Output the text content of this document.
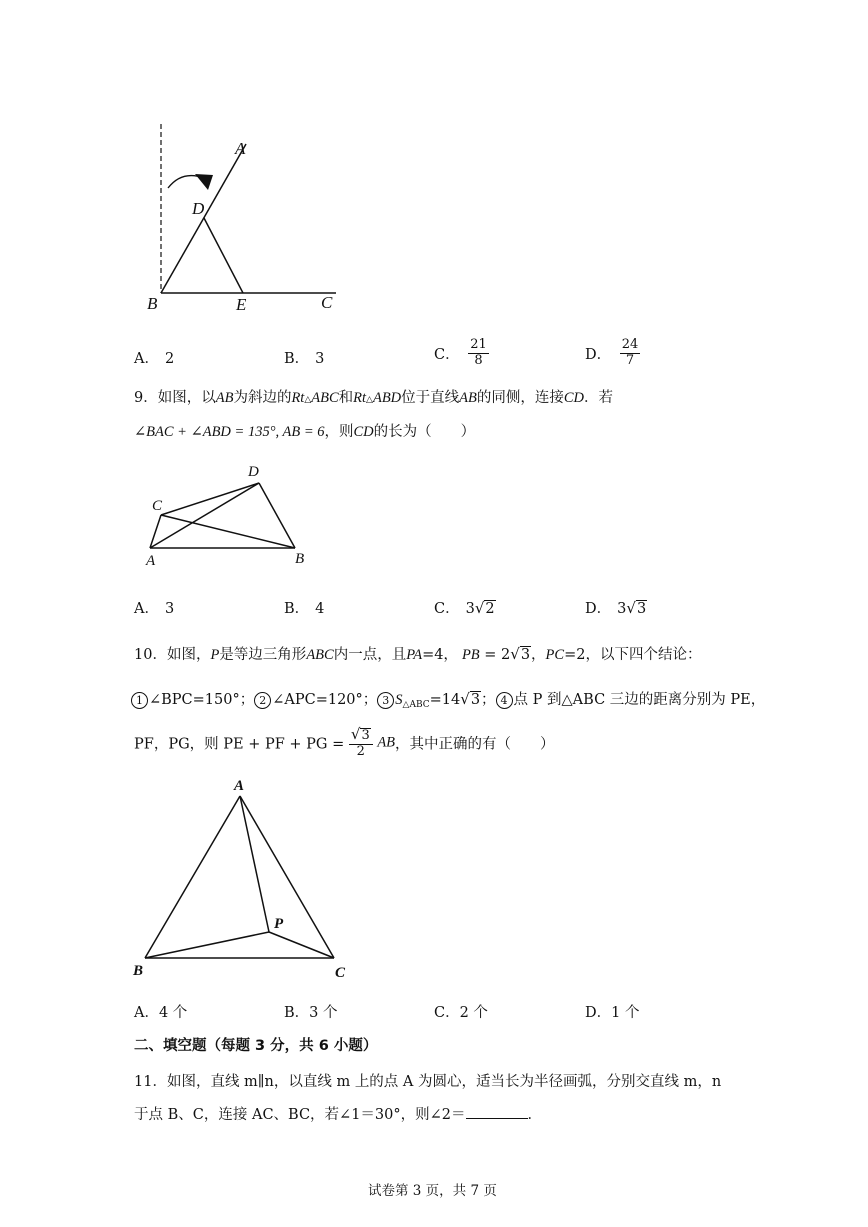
A
D
B	E	C
A． 2	B． 3	C． $\frac{21}{8}$	D． $\frac{24}{7}$
9．如图，以AB为斜边的Rt△ABC和Rt△ABD位于直线AB的同侧，连接CD．若
∠BAC + ∠ABD = 135°, AB = 6，则CD的长为（　　）
D
C
A	B
A． 3	B． 4	C． 3√2	D． 3√3
10．如图，P是等边三角形ABC内一点，且PA=4， PB = 2√3，PC=2，以下四个结论：
1 ∠BPC=150°； 2 ∠APC=120°； 3 $S_{\triangle ABC}=14√3$； 4 点 P 到△ABC 三边的距离分别为 PE，
PF，PG，则 PE + PF + PG = $\frac{√3}{2}$ AB，其中正确的有（　　）
A
P
B	C
A．4 个	B．3 个	C．2 个	D．1 个
二、填空题（每题 3 分，共 6 小题）
11．如图，直线 m∥n，以直线 m 上的点 A 为圆心，适当长为半径画弧，分别交直线 m，n
于点 B、C，连接 AC、BC，若∠1＝30°，则∠2＝	．
试卷第 3 页，共 7 页
